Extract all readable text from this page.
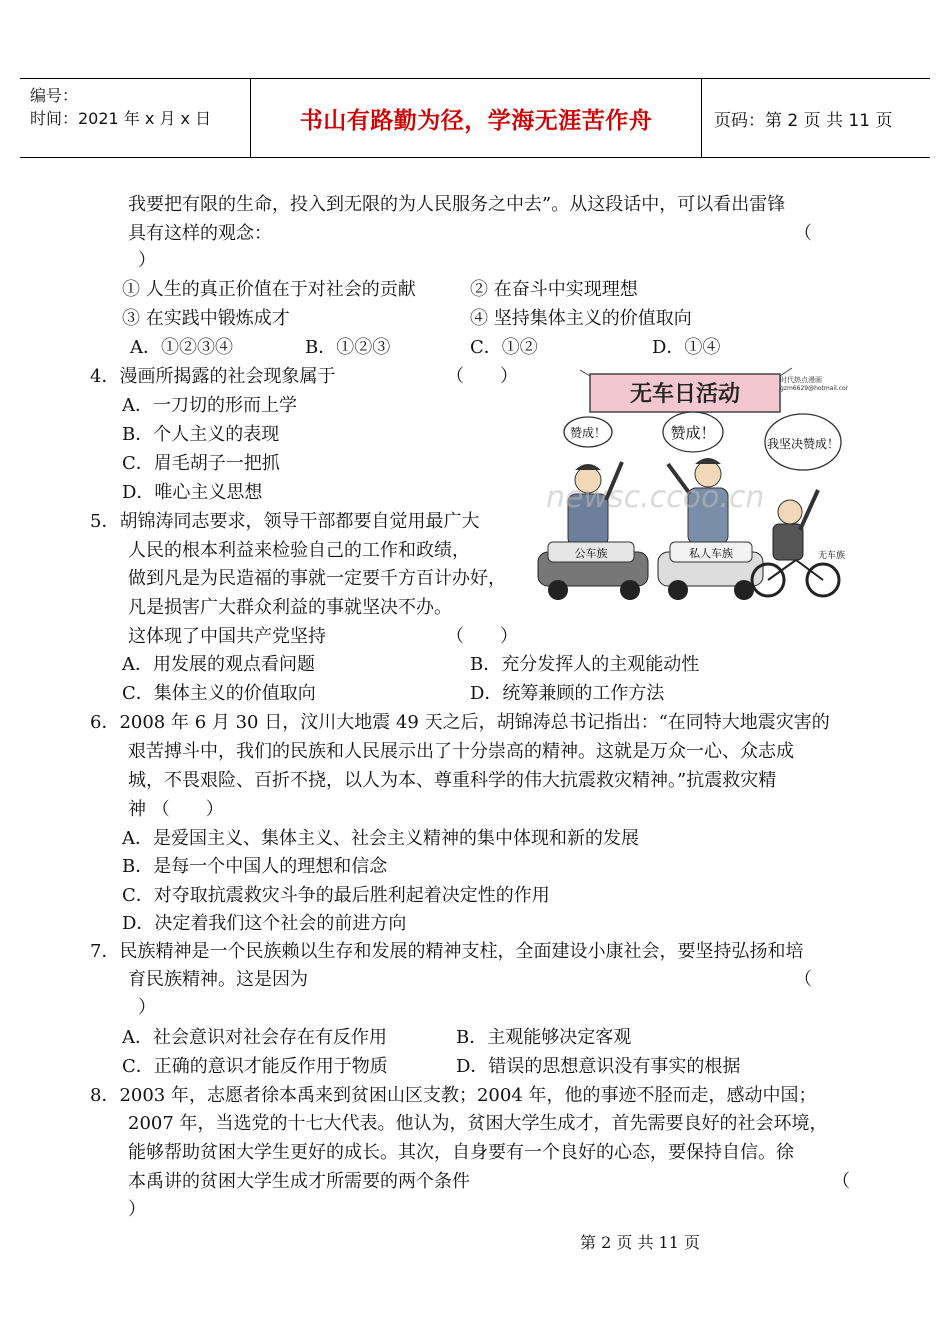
编号：
时间：2021 年 x 月 x 日	书山有路勤为径，学海无涯苦作舟	页码：第 2 页 共 11 页
我要把有限的生命，投入到无限的为人民服务之中去”。从这段话中，可以看出雷锋
具有这样的观念：	（
）
① 人生的真正价值在于对社会的贡献	② 在奋斗中实现理想
③ 在实践中锻炼成才	④ 坚持集体主义的价值取向
A．①②③④	B．①②③	C．①②	D．①④
4．漫画所揭露的社会现象属于	（　　）
A．一刀切的形而上学
B．个人主义的表现
C．眉毛胡子一把抓
D．唯心主义思想
5．胡锦涛同志要求，领导干部都要自觉用最广大
人民的根本利益来检验自己的工作和政绩，
做到凡是为民造福的事就一定要千方百计办好，
凡是损害广大群众利益的事就坚决不办。
这体现了中国共产党坚持	（　　）
A．用发展的观点看问题	B．充分发挥人的主观能动性
C．集体主义的价值取向	D．统筹兼顾的工作方法
6．2008 年 6 月 30 日，汶川大地震 49 天之后，胡锦涛总书记指出：“在同特大地震灾害的
艰苦搏斗中，我们的民族和人民展示出了十分崇高的精神。这就是万众一心、众志成
城，不畏艰险、百折不挠，以人为本、尊重科学的伟大抗震救灾精神。”抗震救灾精
神 （　　）
A．是爱国主义、集体主义、社会主义精神的集中体现和新的发展
B．是每一个中国人的理想和信念
C．对夺取抗震救灾斗争的最后胜利起着决定性的作用
D．决定着我们这个社会的前进方向
7．民族精神是一个民族赖以生存和发展的精神支柱，全面建设小康社会，要坚持弘扬和培
育民族精神。这是因为	（
）
A．社会意识对社会存在有反作用	B．主观能够决定客观
C．正确的意识才能反作用于物质	D．错误的思想意识没有事实的根据
8．2003 年，志愿者徐本禹来到贫困山区支教；2004 年，他的事迹不胫而走，感动中国；
2007 年，当选党的十七大代表。他认为，贫困大学生成才，首先需要良好的社会环境，
能够帮助贫困大学生更好的成长。其次，自身要有一个良好的心态，要保持自信。徐
本禹讲的贫困大学生成才所需要的两个条件	（
）
无车日活动
时代热点漫画
gzm6629@hotmail.com
赞成！	赞成！
我坚决赞成！
公车族	私人车族	无车族
newsc.ccoo.cn
第 2 页 共 11 页
